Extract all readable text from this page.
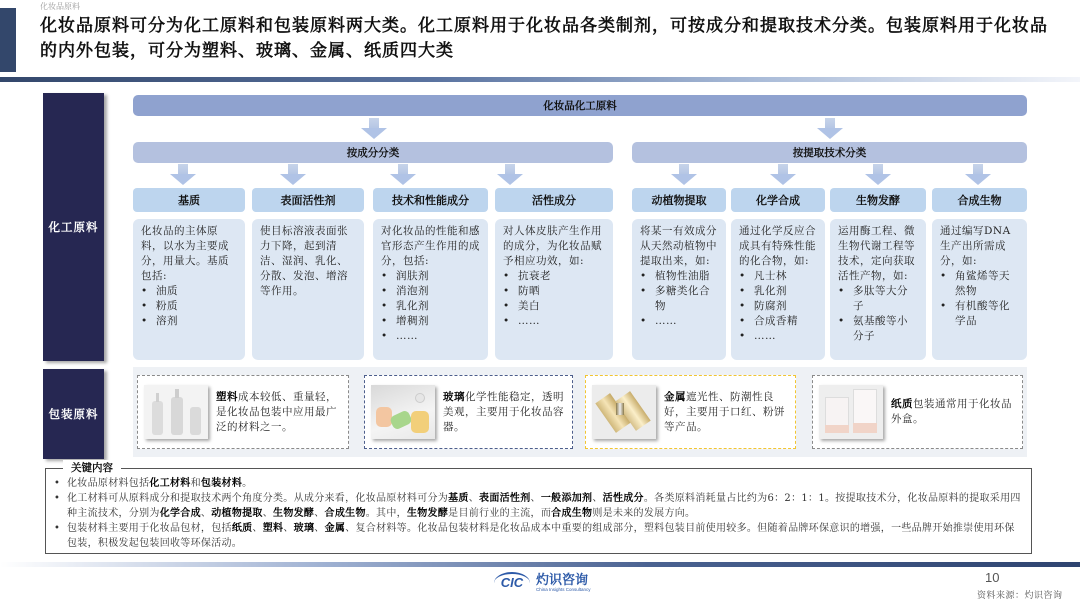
化妆品原料
化妆品原料可分为化工原料和包装原料两大类。化工原料用于化妆品各类制剂，可按成分和提取技术分类。包装原料用于化妆品的内外包装，可分为塑料、玻璃、金属、纸质四大类
化工原料
包装原料
化妆品化工原料
按成分分类	按提取技术分类
基质	表面活性剂	技术和性能成分	活性成分	动植物提取	化学合成	生物发酵	合成生物
化妆品的主体原料，以水为主要成分，用量大。基质包括:
• 油质
• 粉质
• 溶剂
使目标溶液表面张力下降，起到清洁、湿润、乳化、分散、发泡、增溶等作用。
对化妆品的性能和感官形态产生作用的成分，包括:
• 润肤剂
• 消泡剂
• 乳化剂
• 增稠剂
• ……
对人体皮肤产生作用的成分，为化妆品赋予相应功效，如:
• 抗衰老
• 防晒
• 美白
• ……
将某一有效成分从天然动植物中提取出来，如:
• 植物性油脂
• 多糖类化合物
• ……
通过化学反应合成具有特殊性能的化合物，如:
• 凡士林
• 乳化剂
• 防腐剂
• 合成香精
• ……
运用酶工程、微生物代谢工程等技术，定向获取活性产物，如:
• 多肽等大分子
• 氨基酸等小分子
通过编写DNA生产出所需成分，如:
• 角鲨烯等天然物
• 有机酸等化学品
塑料成本较低、重量轻，是化妆品包装中应用最广泛的材料之一。
玻璃化学性能稳定，透明美观，主要用于化妆品容器。
金属遮光性、防潮性良好，主要用于口红、粉饼等产品。
纸质包装通常用于化妆品外盒。
关键内容
• 化妆品原材料包括化工材料和包装材料。
• 化工材料可从原料成分和提取技术两个角度分类。从成分来看，化妆品原材料可分为基质、表面活性剂、一般添加剂、活性成分。各类原料消耗量占比约为6：2：1：1。按提取技术分，化妆品原料的提取采用四种主流技术，分别为化学合成、动植物提取、生物发酵、合成生物。其中，生物发酵是目前行业的主流，而合成生物则是未来的发展方向。
• 包装材料主要用于化妆品包材，包括纸质、塑料、玻璃、金属、复合材料等。化妆品包装材料是化妆品成本中重要的组成部分，塑料包装目前使用较多。但随着品牌环保意识的增强，一些品牌开始推崇使用环保包装，积极发起包装回收等环保活动。
CIC 灼识咨询
China Insights Consultancy
10
资料来源：灼识咨询
